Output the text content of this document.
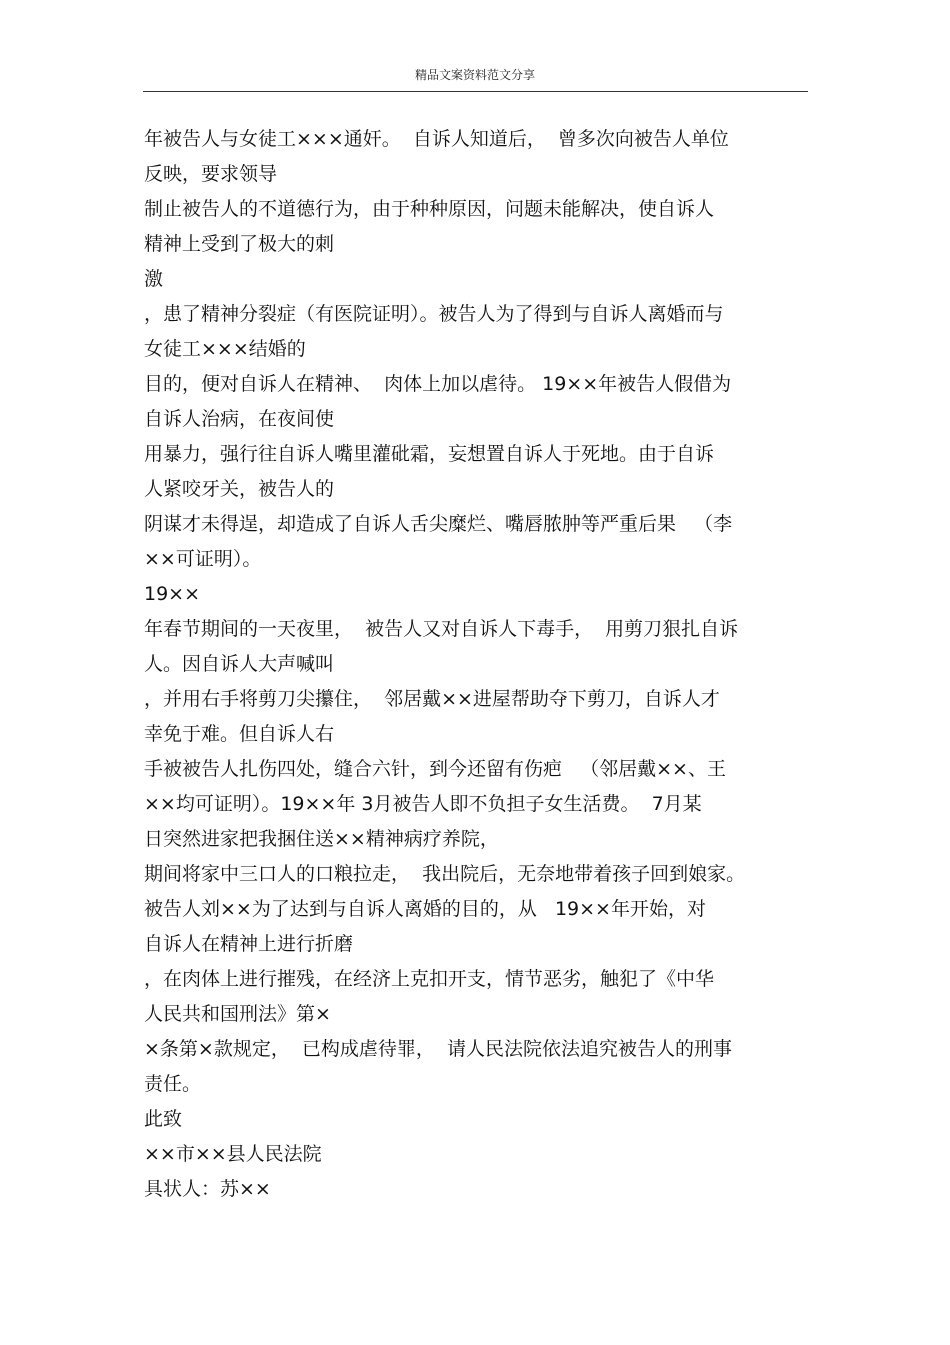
精品文案资料范文分享
年被告人与女徒工×××通奸。  自诉人知道后，  曾多次向被告人单位
反映，要求领导
制止被告人的不道德行为，由于种种原因，问题未能解决，使自诉人
精神上受到了极大的刺
激
，患了精神分裂症（有医院证明）。被告人为了得到与自诉人离婚而与
女徒工×××结婚的
目的，便对自诉人在精神、  肉体上加以虐待。 19××年被告人假借为
自诉人治病，在夜间使
用暴力，强行往自诉人嘴里灌砒霜，妄想置自诉人于死地。由于自诉
人紧咬牙关，被告人的
阴谋才未得逞，却造成了自诉人舌尖糜烂、嘴唇脓肿等严重后果   （李
××可证明）。
19××
年春节期间的一天夜里，  被告人又对自诉人下毒手，  用剪刀狠扎自诉
人。因自诉人大声喊叫
，并用右手将剪刀尖攥住，  邻居戴××进屋帮助夺下剪刀，自诉人才
幸免于难。但自诉人右
手被被告人扎伤四处，缝合六针，到今还留有伤疤   （邻居戴××、王
××均可证明）。19××年 3月被告人即不负担子女生活费。  7月某
日突然进家把我捆住送××精神病疗养院，
期间将家中三口人的口粮拉走，  我出院后，无奈地带着孩子回到娘家。
被告人刘××为了达到与自诉人离婚的目的，从   19××年开始，对
自诉人在精神上进行折磨
，在肉体上进行摧残，在经济上克扣开支，情节恶劣，触犯了《中华
人民共和国刑法》第×
×条第×款规定，  已构成虐待罪，  请人民法院依法追究被告人的刑事
责任。
此致
××市××县人民法院
具状人：苏××
